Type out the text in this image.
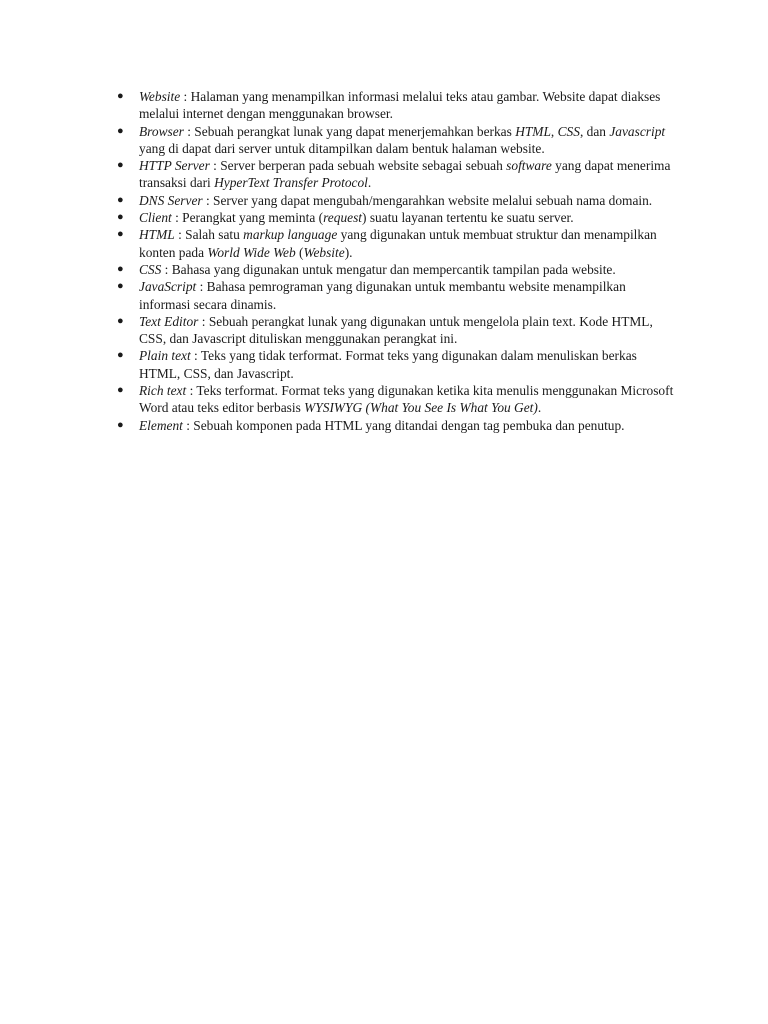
● Website : Halaman yang menampilkan informasi melalui teks atau gambar. Website dapat diakses melalui internet dengan menggunakan browser.
● Browser : Sebuah perangkat lunak yang dapat menerjemahkan berkas HTML, CSS, dan Javascript yang di dapat dari server untuk ditampilkan dalam bentuk halaman website.
● HTTP Server : Server berperan pada sebuah website sebagai sebuah software yang dapat menerima transaksi dari HyperText Transfer Protocol.
● DNS Server : Server yang dapat mengubah/mengarahkan website melalui sebuah nama domain.
● Client : Perangkat yang meminta (request) suatu layanan tertentu ke suatu server.
● HTML : Salah satu markup language yang digunakan untuk membuat struktur dan menampilkan konten pada World Wide Web (Website).
● CSS : Bahasa yang digunakan untuk mengatur dan mempercantik tampilan pada website.
● JavaScript : Bahasa pemrograman yang digunakan untuk membantu website menampilkan informasi secara dinamis.
● Text Editor : Sebuah perangkat lunak yang digunakan untuk mengelola plain text. Kode HTML, CSS, dan Javascript dituliskan menggunakan perangkat ini.
● Plain text : Teks yang tidak terformat. Format teks yang digunakan dalam menuliskan berkas HTML, CSS, dan Javascript.
● Rich text : Teks terformat. Format teks yang digunakan ketika kita menulis menggunakan Microsoft Word atau teks editor berbasis WYSIWYG (What You See Is What You Get).
● Element : Sebuah komponen pada HTML yang ditandai dengan tag pembuka dan penutup.
